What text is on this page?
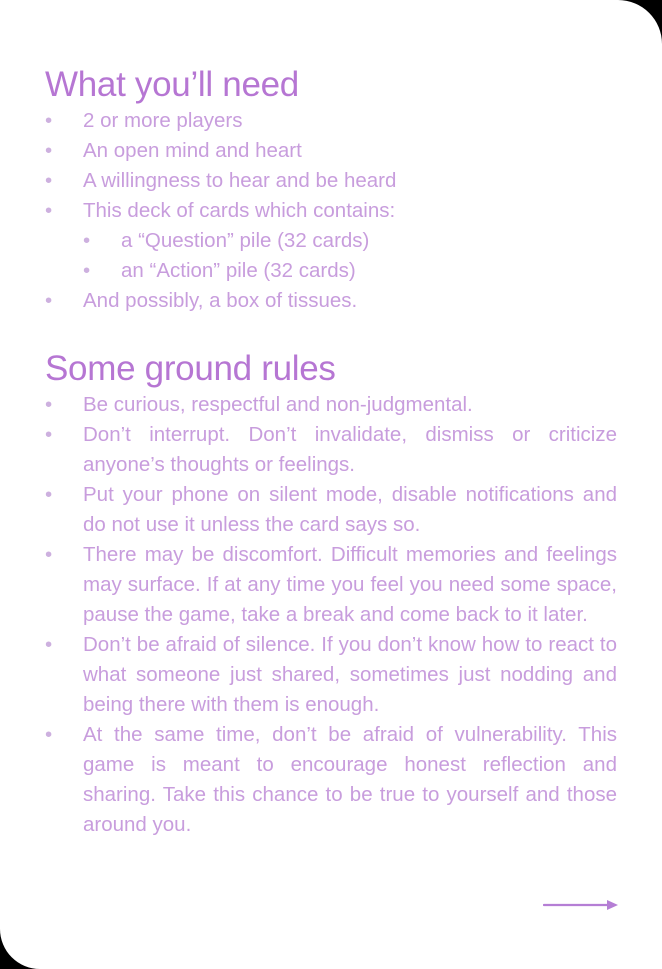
What you’ll need
• 2 or more players
• An open mind and heart
• A willingness to hear and be heard
• This deck of cards which contains:
• a “Question” pile (32 cards)
• an “Action” pile (32 cards)
• And possibly, a box of tissues.
Some ground rules
• Be curious, respectful and non-judgmental.
• Don’t interrupt. Don’t invalidate, dismiss or criticize anyone’s thoughts or feelings.
• Put your phone on silent mode, disable notifications and do not use it unless the card says so.
• There may be discomfort. Difficult memories and feelings may surface. If at any time you feel you need some space, pause the game, take a break and come back to it later.
• Don’t be afraid of silence. If you don’t know how to react to what someone just shared, sometimes just nodding and being there with them is enough.
• At the same time, don’t be afraid of vulnerability. This game is meant to encourage honest reflection and sharing. Take this chance to be true to yourself and those around you.
